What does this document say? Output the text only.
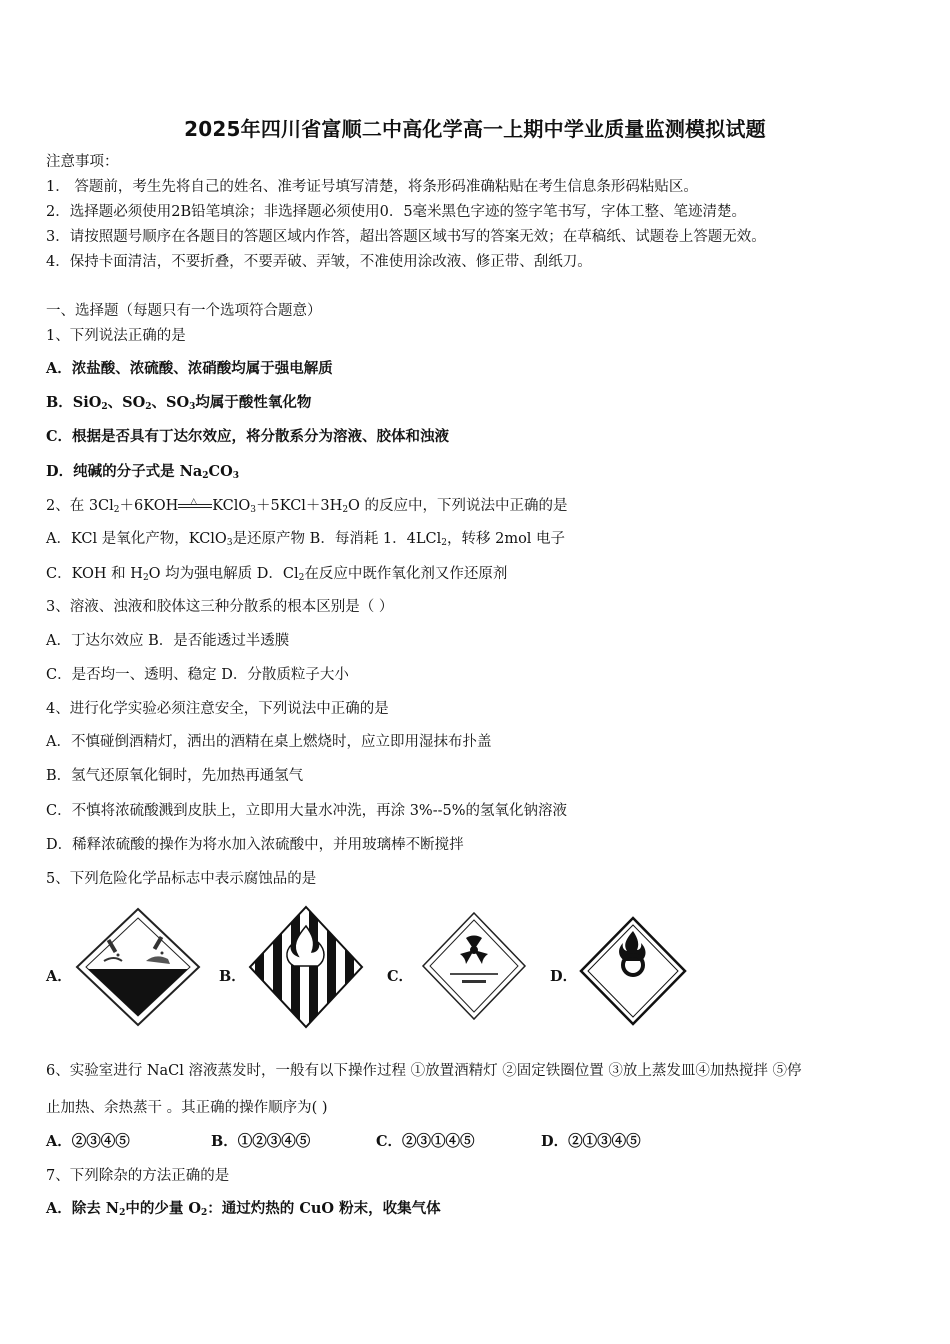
2025年四川省富顺二中高化学高一上期中学业质量监测模拟试题
注意事项：
1． 答题前，考生先将自己的姓名、准考证号填写清楚，将条形码准确粘贴在考生信息条形码粘贴区。
2．选择题必须使用2B铅笔填涂；非选择题必须使用0．5毫米黑色字迹的签字笔书写，字体工整、笔迹清楚。
3．请按照题号顺序在各题目的答题区域内作答，超出答题区域书写的答案无效；在草稿纸、试题卷上答题无效。
4．保持卡面清洁，不要折叠，不要弄破、弄皱，不准使用涂改液、修正带、刮纸刀。
一、选择题（每题只有一个选项符合题意）
1、下列说法正确的是
A．浓盐酸、浓硫酸、浓硝酸均属于强电解质
B．SiO$_2$、$SO_2$、$SO_3$均属于酸性氧化物
C．根据是否具有丁达尔效应，将分散系分为溶液、胶体和浊液
D．纯碱的分子式是 $Na_2CO_3$
2、在 $3Cl_2+6KOH$ △ $KClO_3+5KCl+3H_2O$ 的反应中，下列说法中正确的是
A．KCl 是氧化产物，KClO$_3$是还原产物 B．每消耗 1．4LCl$_2$，转移 2mol 电子
C．KOH 和 $H_2O$ 均为强电解质 D．$Cl_2$在反应中既作氧化剂又作还原剂
3、溶液、浊液和胶体这三种分散系的根本区别是（ ）
A．丁达尔效应 B．是否能透过半透膜
C．是否均一、透明、稳定 D．分散质粒子大小
4、进行化学实验必须注意安全，下列说法中正确的是
A．不慎碰倒酒精灯，洒出的酒精在桌上燃烧时，应立即用湿抹布扑盖
B．氢气还原氧化铜时，先加热再通氢气
C．不慎将浓硫酸溅到皮肤上，立即用大量水冲洗，再涂 3%--5%的氢氧化钠溶液
D．稀释浓硫酸的操作为将水加入浓硫酸中，并用玻璃棒不断搅拌
5、下列危险化学品标志中表示腐蚀品的是
A．	B．	C．	D．
6、实验室进行 NaCl 溶液蒸发时，一般有以下操作过程 ①放置酒精灯 ②固定铁圈位置 ③放上蒸发皿④加热搅拌 ⑤停
止加热、余热蒸干 。其正确的操作顺序为( )
A．②③④⑤	B．①②③④⑤	C．②③①④⑤	D．②①③④⑤
7、下列除杂的方法正确的是
A．除去 $N_2$中的少量 $O_2$：通过灼热的 CuO 粉末，收集气体
